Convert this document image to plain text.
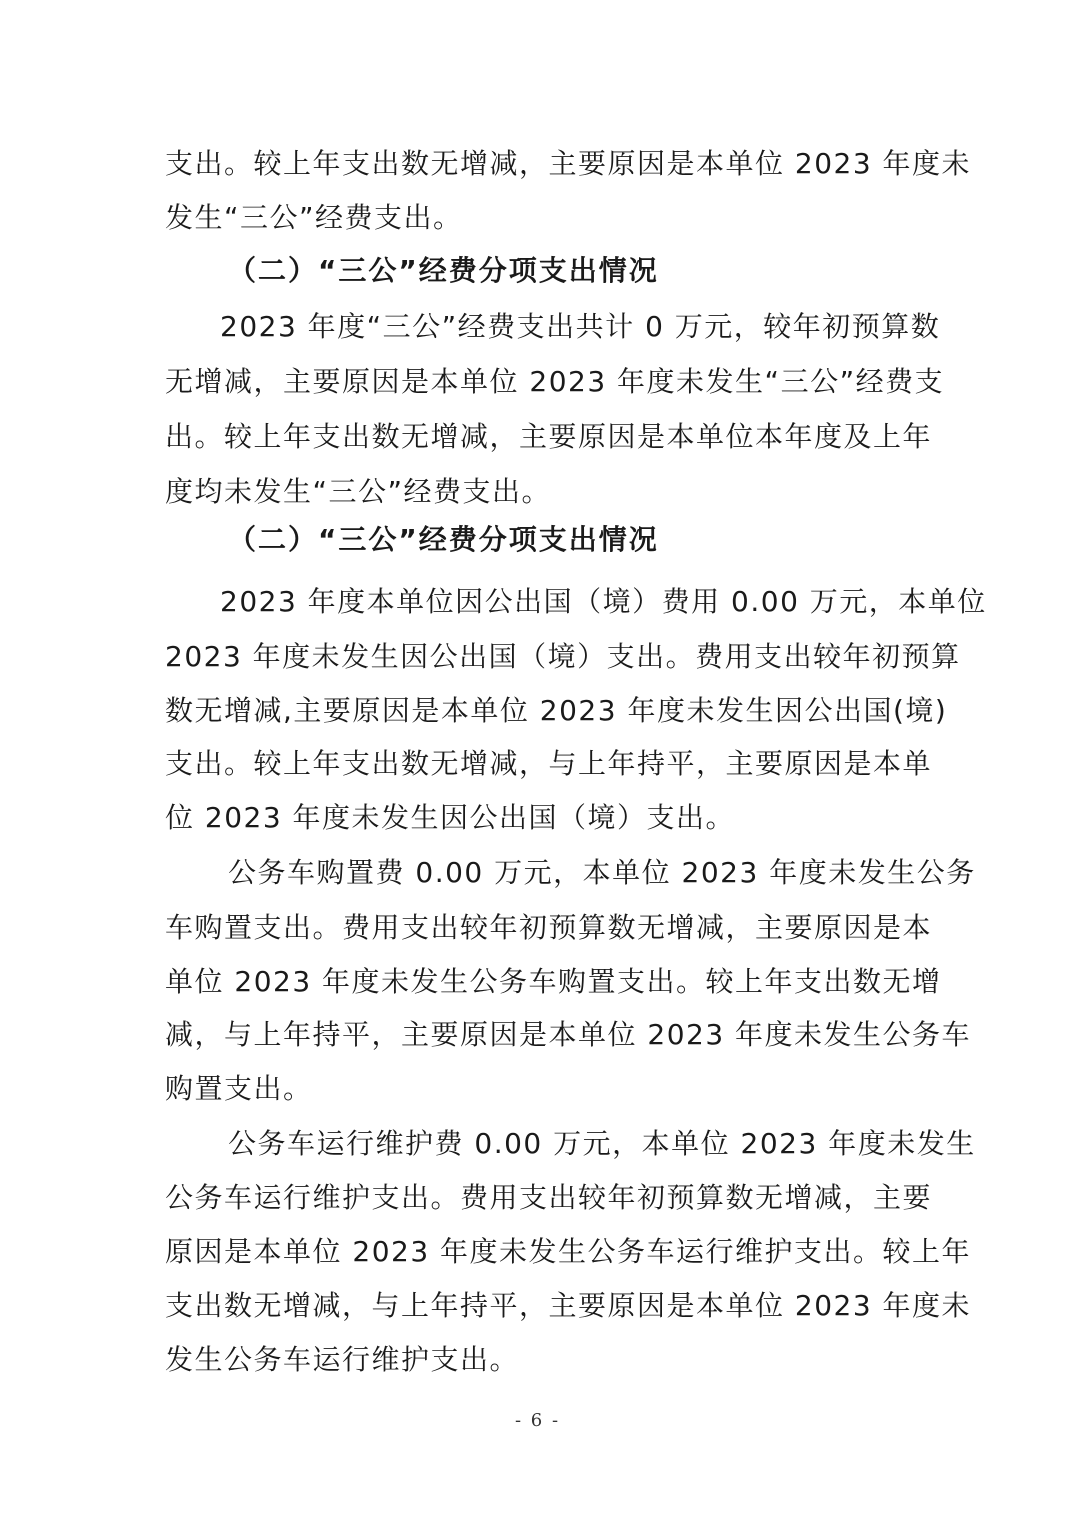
支出。较上年支出数无增减，主要原因是本单位 2023 年度未
发生“三公”经费支出。
（二）“三公”经费分项支出情况
2023 年度“三公”经费支出共计 0 万元，较年初预算数
无增减，主要原因是本单位 2023 年度未发生“三公”经费支
出。较上年支出数无增减，主要原因是本单位本年度及上年
度均未发生“三公”经费支出。
（二）“三公”经费分项支出情况
2023 年度本单位因公出国（境）费用 0.00 万元，本单位
2023 年度未发生因公出国（境）支出。费用支出较年初预算
数无增减,主要原因是本单位 2023 年度未发生因公出国(境)
支出。较上年支出数无增减，与上年持平，主要原因是本单
位 2023 年度未发生因公出国（境）支出。
公务车购置费 0.00 万元，本单位 2023 年度未发生公务
车购置支出。费用支出较年初预算数无增减，主要原因是本
单位 2023 年度未发生公务车购置支出。较上年支出数无增
减，与上年持平，主要原因是本单位 2023 年度未发生公务车
购置支出。
公务车运行维护费 0.00 万元，本单位 2023 年度未发生
公务车运行维护支出。费用支出较年初预算数无增减，主要
原因是本单位 2023 年度未发生公务车运行维护支出。较上年
支出数无增减，与上年持平，主要原因是本单位 2023 年度未
发生公务车运行维护支出。
- 6 -
